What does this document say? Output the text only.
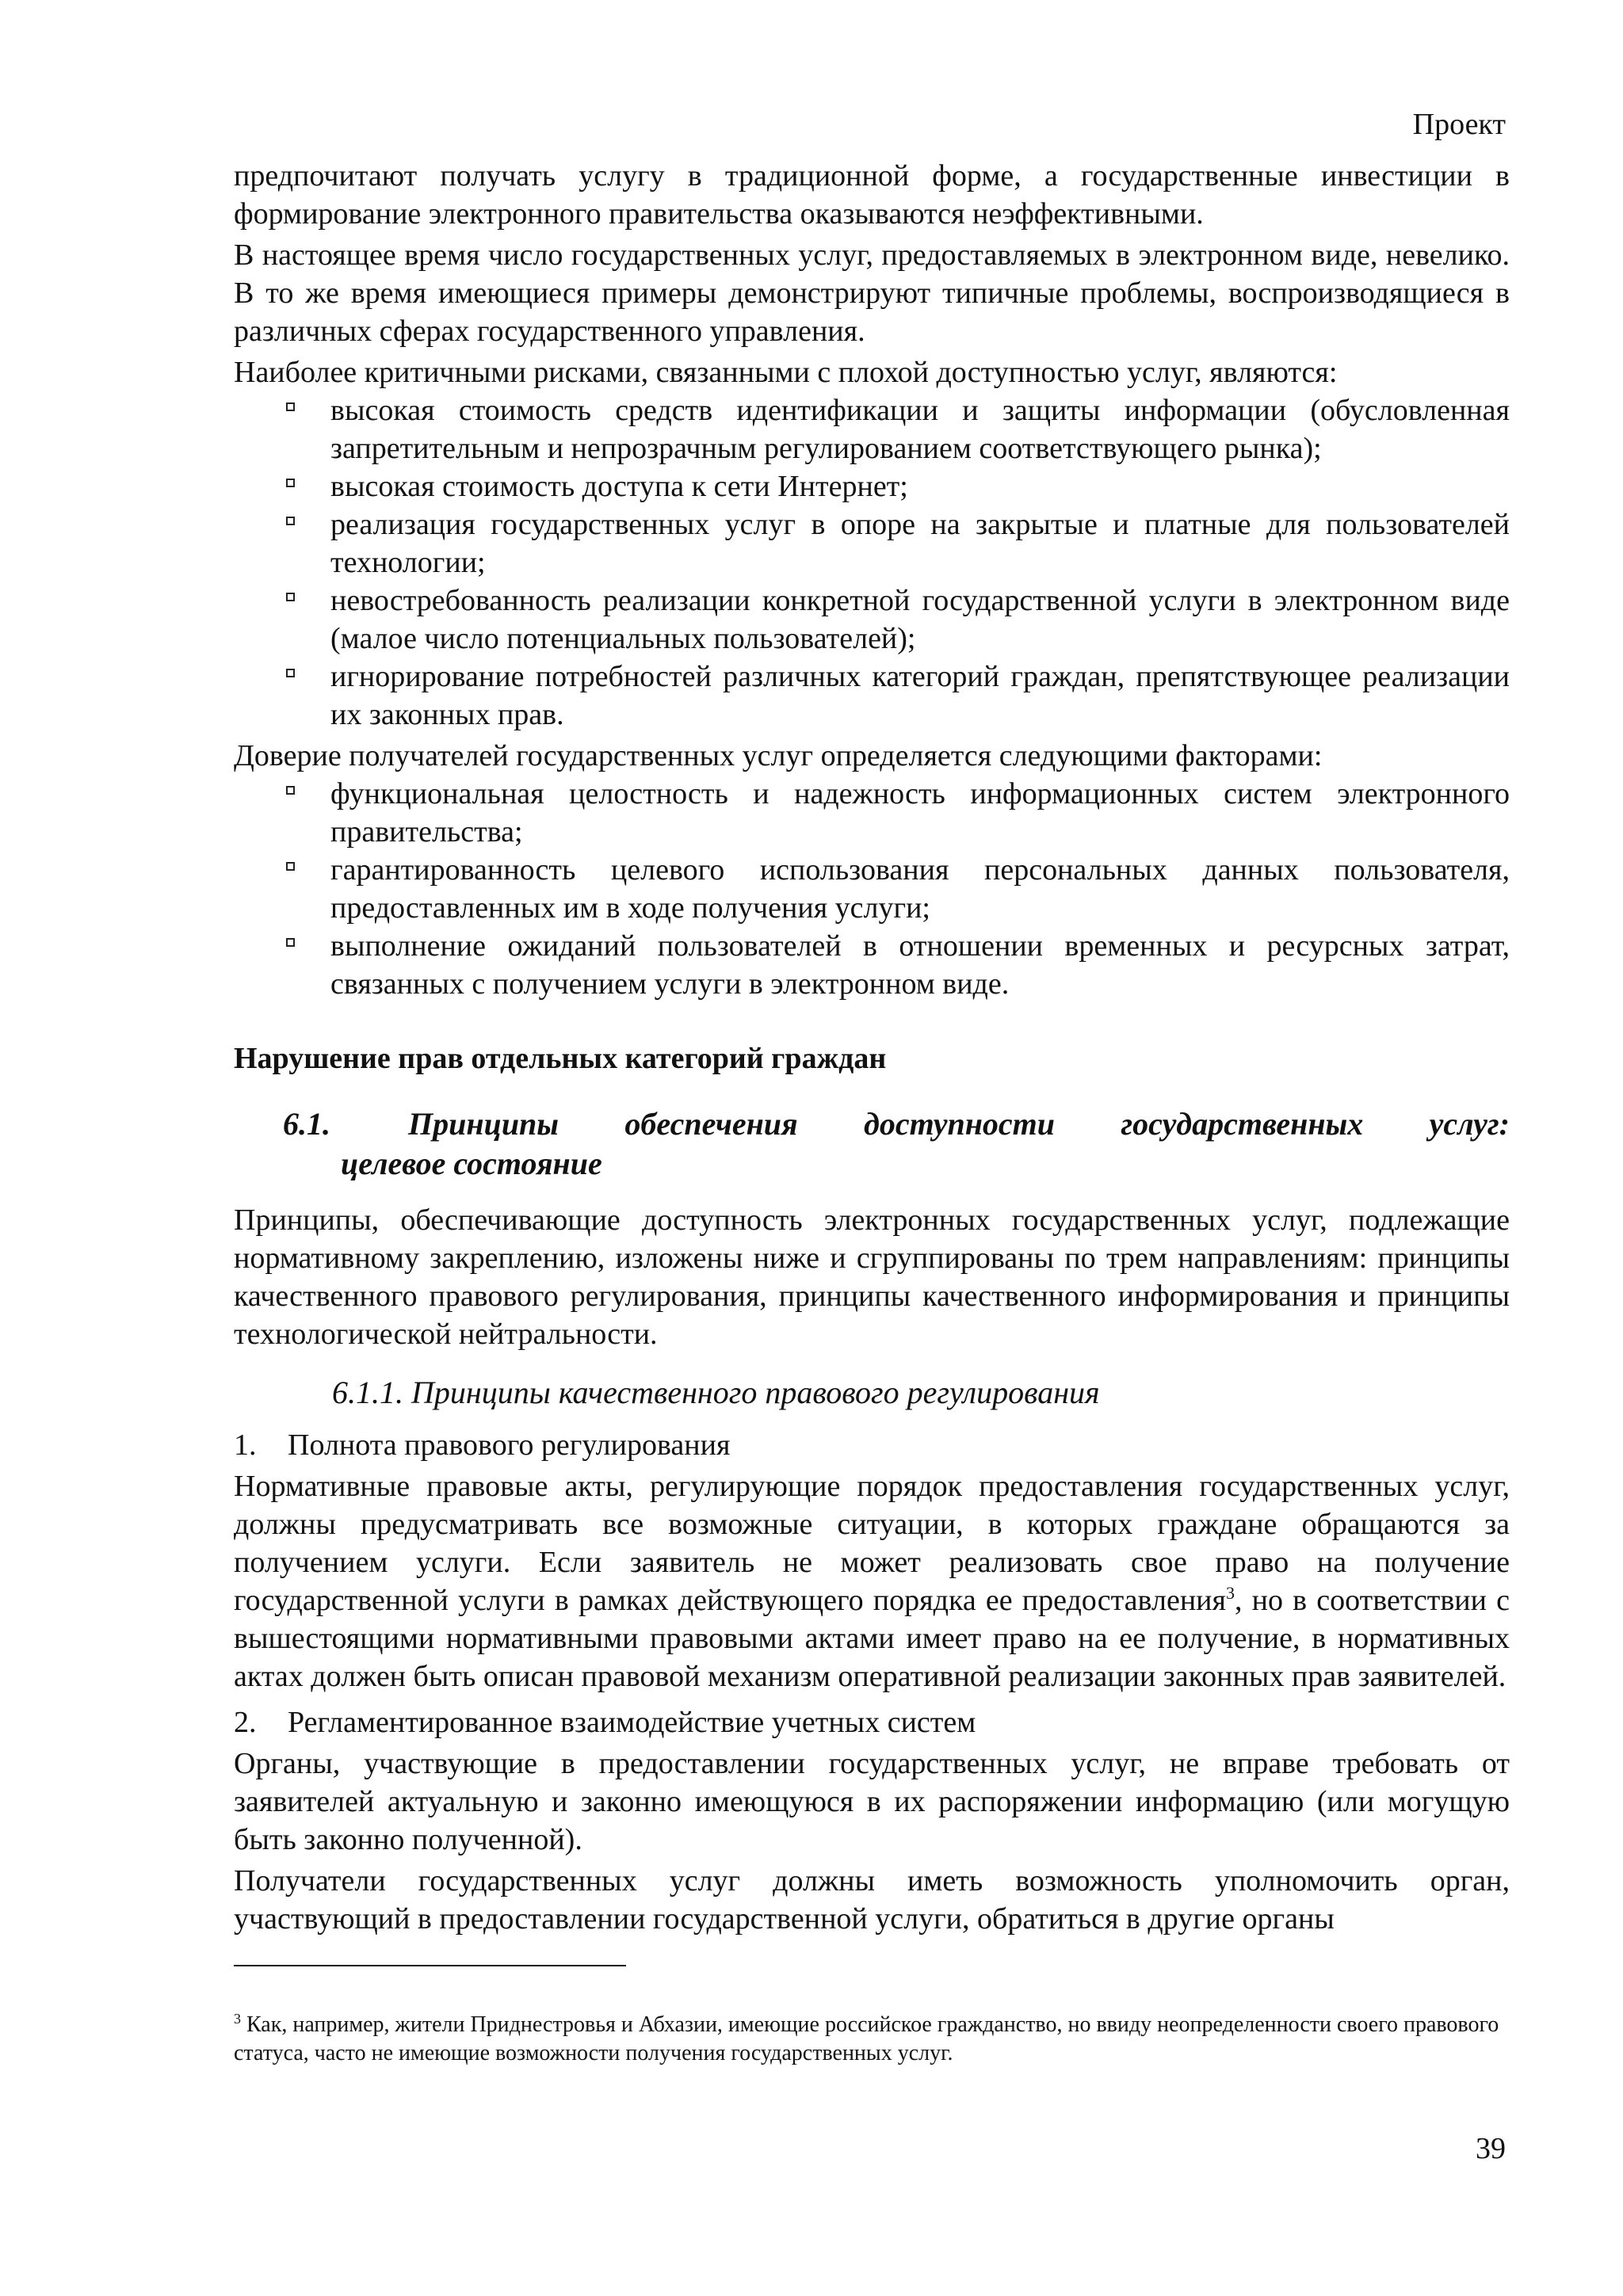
Проект

предпочитают получать услугу в традиционной форме, а государственные инвестиции в формирование электронного правительства оказываются неэффективными.

В настоящее время число государственных услуг, предоставляемых в электронном виде, невелико. В то же время имеющиеся примеры демонстрируют типичные проблемы, воспроизводящиеся в различных сферах государственного управления.

Наиболее критичными рисками, связанными с плохой доступностью услуг, являются:

высокая стоимость средств идентификации и защиты информации (обусловленная запретительным и непрозрачным регулированием соответствующего рынка);
высокая стоимость доступа к сети Интернет;
реализация государственных услуг в опоре на закрытые и платные для пользователей технологии;
невостребованность реализации конкретной государственной услуги в электронном виде (малое число потенциальных пользователей);
игнорирование потребностей различных категорий граждан, препятствующее реализации их законных прав.

Доверие получателей государственных услуг определяется следующими факторами:

функциональная целостность и надежность информационных систем электронного правительства;
гарантированность целевого использования персональных данных пользователя, предоставленных им в ходе получения услуги;
выполнение ожиданий пользователей в отношении временных и ресурсных затрат, связанных с получением услуги в электронном виде.
Нарушение прав отдельных категорий граждан
6.1. Принципы обеспечения доступности государственных услуг:
целевое состояние

Принципы, обеспечивающие доступность электронных государственных услуг, подлежащие нормативному закреплению, изложены ниже и сгруппированы по трем направлениям: принципы качественного правового регулирования, принципы качественного информирования и принципы технологической нейтральности.

6.1.1. Принципы качественного правового регулирования
1. Полнота правового регулирования

Нормативные правовые акты, регулирующие порядок предоставления государственных услуг, должны предусматривать все возможные ситуации, в которых граждане обращаются за получением услуги. Если заявитель не может реализовать свое право на получение государственной услуги в рамках действующего порядка ее предоставления$^3$, но в соответствии с вышестоящими нормативными правовыми актами имеет право на ее получение, в нормативных актах должен быть описан правовой механизм оперативной реализации законных прав заявителей.

2. Регламентированное взаимодействие учетных систем

Органы, участвующие в предоставлении государственных услуг, не вправе требовать от заявителей актуальную и законно имеющуюся в их распоряжении информацию (или могущую быть законно полученной).

Получатели государственных услуг должны иметь возможность уполномочить орган, участвующий в предоставлении государственной услуги, обратиться в другие органы

$^3$ Как, например, жители Приднестровья и Абхазии, имеющие российское гражданство, но ввиду неопределенности своего правового статуса, часто не имеющие возможности получения государственных услуг.
39
